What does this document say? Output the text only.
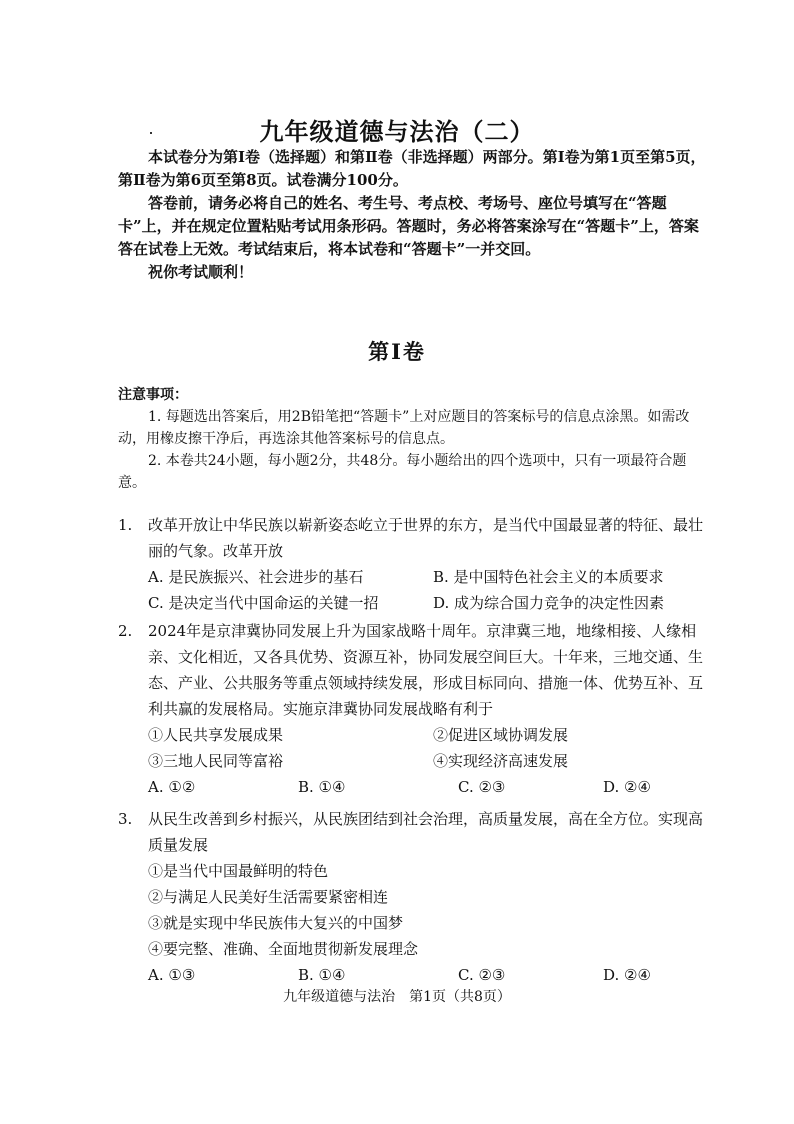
九年级道德与法治（二）

本试卷分为第Ⅰ卷（选择题）和第Ⅱ卷（非选择题）两部分。第Ⅰ卷为第1页至第5页，第Ⅱ卷为第6页至第8页。试卷满分100分。

答卷前，请务必将自己的姓名、考生号、考点校、考场号、座位号填写在“答题卡”上，并在规定位置粘贴考试用条形码。答题时，务必将答案涂写在“答题卡”上，答案答在试卷上无效。考试结束后，将本试卷和“答题卡”一并交回。

祝你考试顺利！

第Ⅰ卷

注意事项：

1. 每题选出答案后，用2B铅笔把“答题卡”上对应题目的答案标号的信息点涂黑。如需改动，用橡皮擦干净后，再选涂其他答案标号的信息点。

2. 本卷共24小题，每小题2分，共48分。每小题给出的四个选项中，只有一项最符合题意。

1. 改革开放让中华民族以崭新姿态屹立于世界的东方，是当代中国最显著的特征、最壮丽的气象。改革开放

A. 是民族振兴、社会进步的基石	B. 是中国特色社会主义的本质要求
C. 是决定当代中国命运的关键一招	D. 成为综合国力竞争的决定性因素

2. 2024年是京津冀协同发展上升为国家战略十周年。京津冀三地，地缘相接、人缘相亲、文化相近，又各具优势、资源互补，协同发展空间巨大。十年来，三地交通、生态、产业、公共服务等重点领域持续发展，形成目标同向、措施一体、优势互补、互利共赢的发展格局。实施京津冀协同发展战略有利于

①人民共享发展成果	②促进区域协调发展
③三地人民同等富裕	④实现经济高速发展
A. ①②	B. ①④	C. ②③	D. ②④

3. 从民生改善到乡村振兴，从民族团结到社会治理，高质量发展，高在全方位。实现高质量发展

①是当代中国最鲜明的特色
②与满足人民美好生活需要紧密相连
③就是实现中华民族伟大复兴的中国梦
④要完整、准确、全面地贯彻新发展理念
A. ①③	B. ①④	C. ②③	D. ②④
九年级道德与法治　第1页（共8页）
